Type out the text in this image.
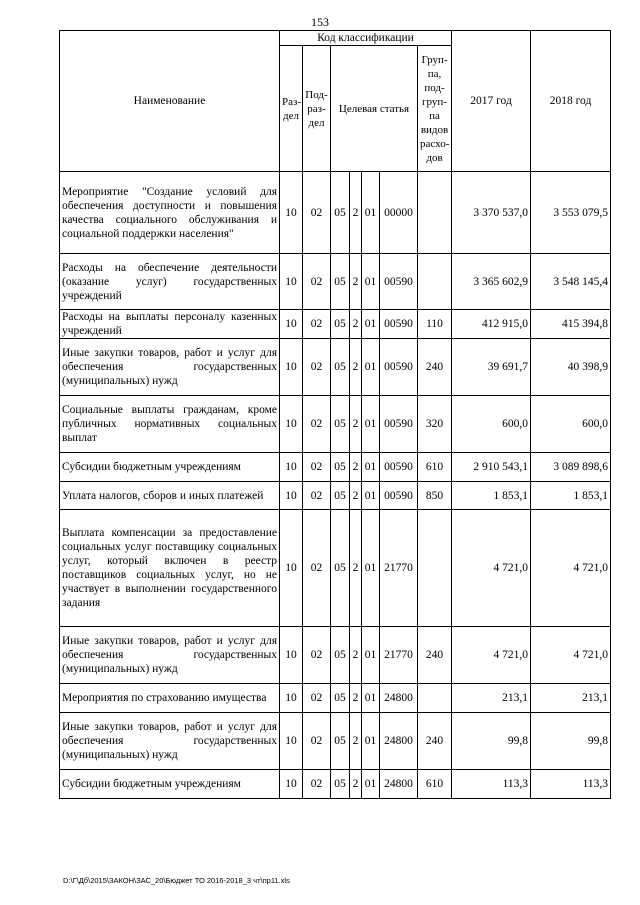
153
Наименование	Код классификации							2017 год	2018 год
	Раз-дел	Под-раз-дел	Целевая статья				Груп-па, под-груп-па видов расхо-дов		
Мероприятие "Создание условий для обеспечения доступности и повышения качества социального обслуживания и социальной поддержки населения"	10	02	05	2	01	00000		3 370 537,0	3 553 079,5
Расходы на обеспечение деятельности (оказание услуг) государственных учреждений	10	02	05	2	01	00590		3 365 602,9	3 548 145,4
Расходы на выплаты персоналу казенных учреждений	10	02	05	2	01	00590	110	412 915,0	415 394,8
Иные закупки товаров, работ и услуг для обеспечения государственных (муниципальных) нужд	10	02	05	2	01	00590	240	39 691,7	40 398,9
Социальные выплаты гражданам, кроме публичных нормативных социальных выплат	10	02	05	2	01	00590	320	600,0	600,0
Субсидии бюджетным учреждениям	10	02	05	2	01	00590	610	2 910 543,1	3 089 898,6
Уплата налогов, сборов и иных платежей	10	02	05	2	01	00590	850	1 853,1	1 853,1
Выплата компенсации за предоставление социальных услуг поставщику социальных услуг, который включен в реестр поставщиков социальных услуг, но не участвует в выполнении государственного задания	10	02	05	2	01	21770		4 721,0	4 721,0
Иные закупки товаров, работ и услуг для обеспечения государственных (муниципальных) нужд	10	02	05	2	01	21770	240	4 721,0	4 721,0
Мероприятия по страхованию имущества	10	02	05	2	01	24800		213,1	213,1
Иные закупки товаров, работ и услуг для обеспечения государственных (муниципальных) нужд	10	02	05	2	01	24800	240	99,8	99,8
Субсидии бюджетным учреждениям	10	02	05	2	01	24800	610	113,3	113,3
D:\Г\Дб\2015\ЗАКОН\ЗАС_20\Бюджет ТО 2016-2018_3 чт\пр11.xls
